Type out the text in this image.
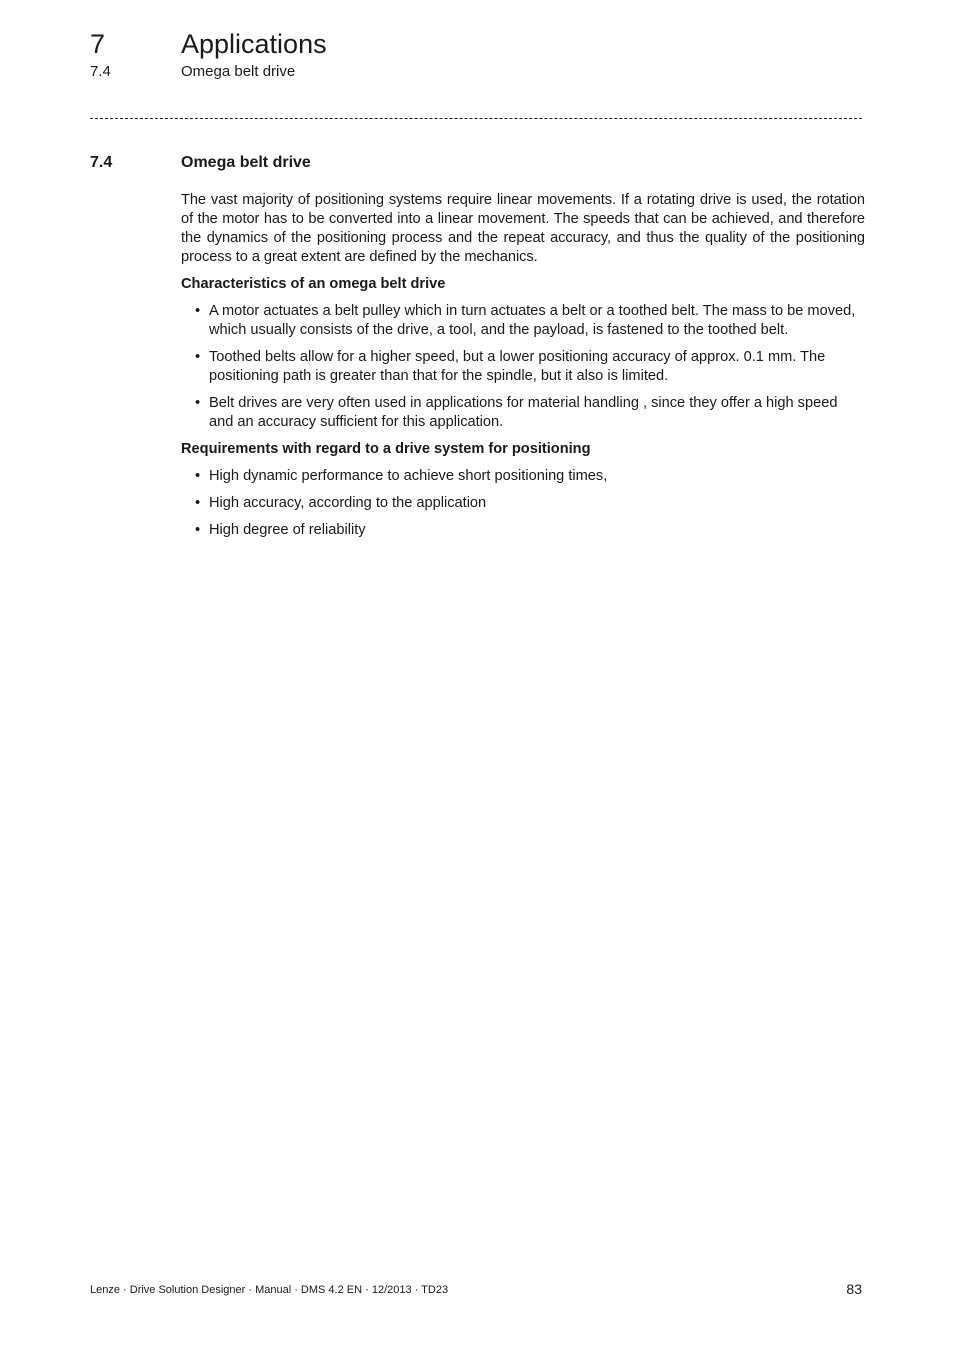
7	Applications
7.4	Omega belt drive
7.4	Omega belt drive

The vast majority of positioning systems require linear movements. If a rotating drive is used, the rotation of the motor has to be converted into a linear movement. The speeds that can be achieved, and therefore the dynamics of the positioning process and the repeat accuracy, and thus the quality of the positioning process to a great extent are defined by the mechanics.

Characteristics of an omega belt drive
• A motor actuates a belt pulley which in turn actuates a belt or a toothed belt. The mass to be moved, which usually consists of the drive, a tool, and the payload, is fastened to the toothed belt.
• Toothed belts allow for a higher speed, but a lower positioning accuracy of approx. 0.1 mm. The positioning path is greater than that for the spindle, but it also is limited.
• Belt drives are very often used in applications for material handling , since they offer a high speed and an accuracy sufficient for this application.
Requirements with regard to a drive system for positioning
• High dynamic performance to achieve short positioning times,
• High accuracy, according to the application
• High degree of reliability
Lenze · Drive Solution Designer · Manual · DMS 4.2 EN · 12/2013 · TD23	83
